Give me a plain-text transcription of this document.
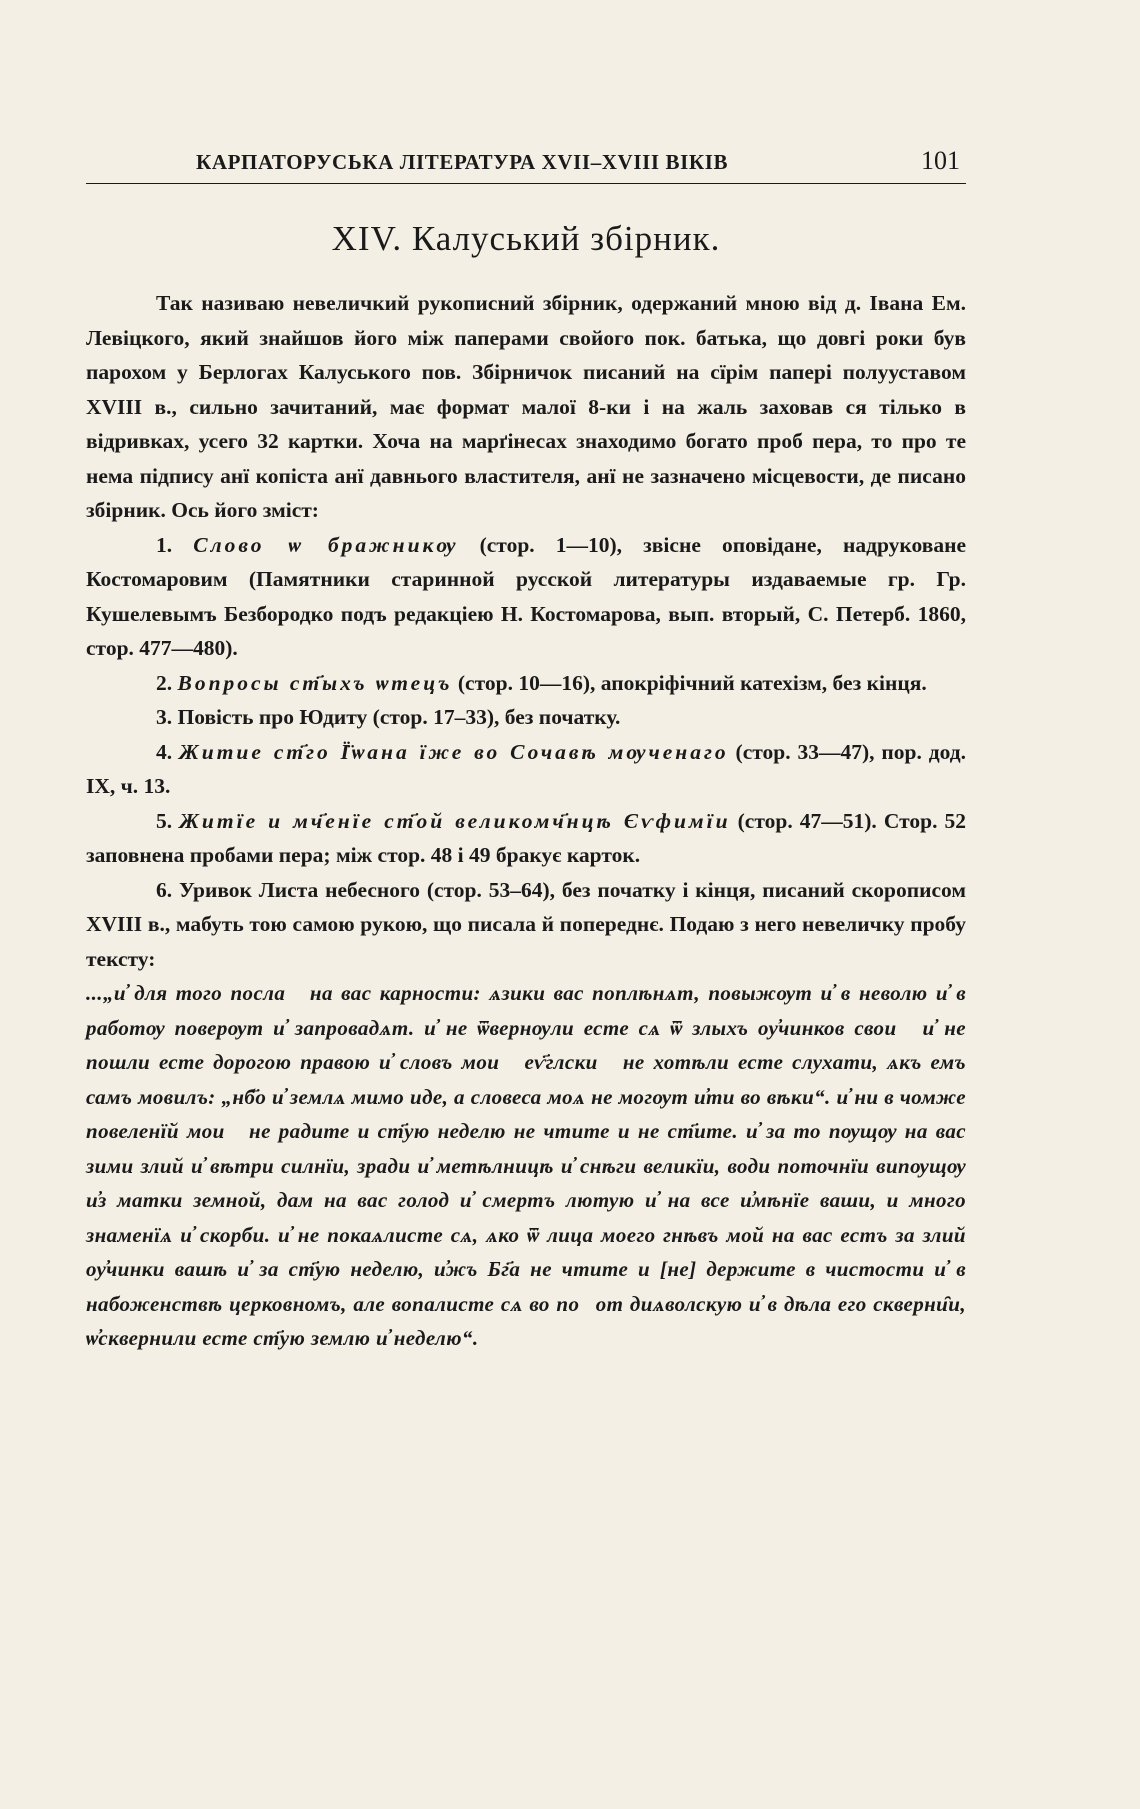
КАРПАТОРУСЬКА ЛІТЕРАТУРА XVII–XVIII ВІКІВ	101
XIV. Калуський збірник.

Так називаю невеличкий рукописний збірник, одержаний мною від д. Івана Ем. Левіцкого, який знайшов його між паперами свойого пок. батька, що довгі роки був парохом у Берлогах Калуського пов. Збірничок писаний на сїрім папері полууставом XVIII в., сильно зачитаний, має формат малої 8-ки і на жаль заховав ся тілько в відривках, усего 32 картки. Хоча на марґінесах знаходимо богато проб пера, то про те нема підпису анї копіста анї давнього властителя, анї не зазначено місцевости, де писано збірник. Ось його зміст:

1. Слово ѡ бражникѹ (стор. 1—10), звісне оповідане, надруковане Костомаровим (Памятники старинной русской литературы издаваемые гр. Гр. Кушелевымъ Безбородко подъ редакціею Н. Костомарова, вып. вторый, С. Петерб. 1860, стор. 477—480).

2. Вопросы ст҃ыхъ ѡтецъ (стор. 10—16), апокріфічний катехізм, без кінця.

3. Повість про Юдиту (стор. 17–33), без початку.

4. Житие ст҃го Ї̈ѡана їже во Сочавѣ мѹченаго (стор. 33—47), пор. дод. IX, ч. 13.

5. Житїе и мч҃енїе ст҃ой великомч҃нцѣ Єѵфимїи (стор. 47—51). Стор. 52 заповнена пробами пера; між стор. 48 і 49 бракує карток.

6. Уривок Листа небесного (стор. 53–64), без початку і кінця, писаний скорописом XVIII в., мабуть тою самою рукою, що писала й попереднє. Подаю з него невеличку пробу тексту:

...„и҆ для того послаⷯ на вас карности: ѧзики вас поплѣнѧт, повыжѹт и҆ в неволю и҆ в работѹ поверѹт и҆ запровадѧт. и҆ не ѿвернѹли есте сѧ ѿ злыхъ оу҆чинков своиⷯ и҆ не пошли есте дорогою правою и҆ словъ моиⷯ еѵ҃глскиⷯ не хотѣли есте слухати, ѧкъ емъ самъ мовилъ: „нб҃о и҆ землѧ мимо иде, а словеса моѧ не могѹт и҆ти во вѣки“. и҆ ни в чомже повеленїй моиⷯ не радите и ст҃ую неделю не чтите и не ст҃ите. и҆ за то пѹщѹ на вас зими злий и҆ вѣтри силнїи, зради и҆ метѣлницѣ и҆ снѣги великїи, води поточнїи випѹщѹ и҆з матки земной, дам на вас голод и҆ смертъ лютую и҆ на все и҆мѣнїе ваши, и много знаменїѧ и҆ скорби. и҆ не покаѧлисте сѧ, ѧко ѿ лица моего гнѣвъ мой на вас естъ за злий оу҆чинки вашѣ и҆ за ст҃ую неделю, и҆жъ Бг҃а не чтите и [не] держите в чистости и҆ в набоженствѣ церковномъ, але вопалисте сѧ во поⷯот диѧволскую и҆ в дѣла его скверни̑и, ѡ҆сквернили есте ст҃ую землю и҆ неделю“.
